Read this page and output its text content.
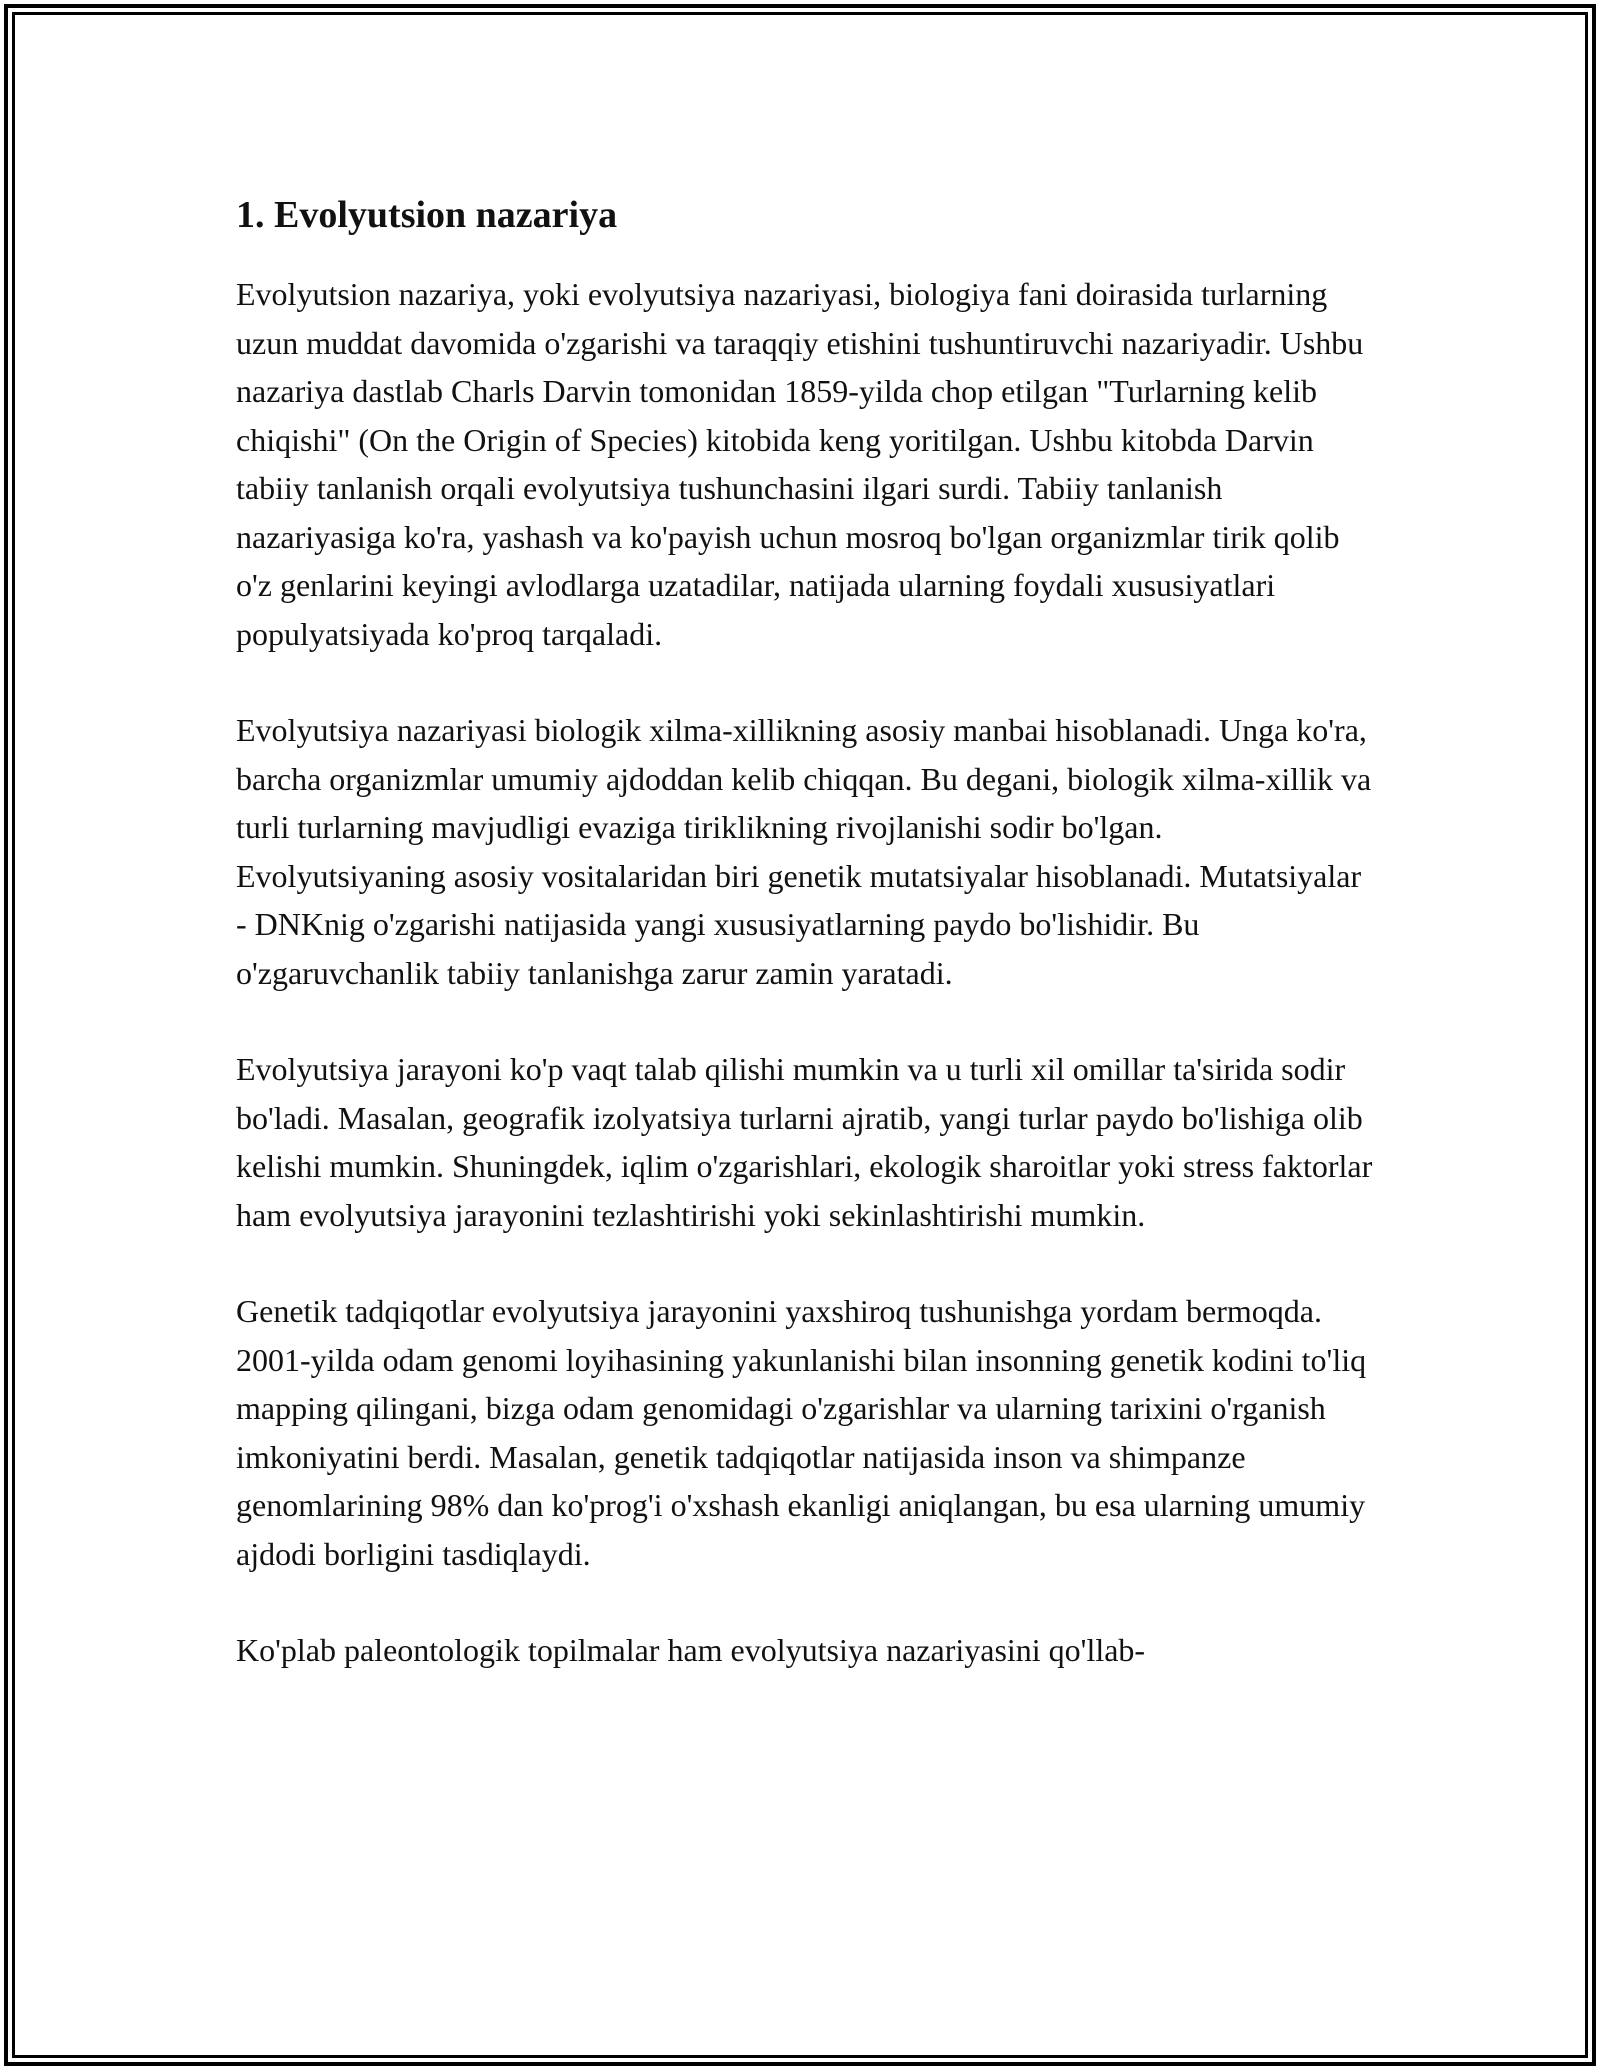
1. Evolyutsion nazariya

Evolyutsion nazariya, yoki evolyutsiya nazariyasi, biologiya fani doirasida turlarning uzun muddat davomida o'zgarishi va taraqqiy etishini tushuntiruvchi nazariyadir. Ushbu nazariya dastlab Charls Darvin tomonidan 1859-yilda chop etilgan "Turlarning kelib chiqishi" (On the Origin of Species) kitobida keng yoritilgan. Ushbu kitobda Darvin tabiiy tanlanish orqali evolyutsiya tushunchasini ilgari surdi. Tabiiy tanlanish nazariyasiga ko'ra, yashash va ko'payish uchun mosroq bo'lgan organizmlar tirik qolib o'z genlarini keyingi avlodlarga uzatadilar, natijada ularning foydali xususiyatlari populyatsiyada ko'proq tarqaladi.

Evolyutsiya nazariyasi biologik xilma-xillikning asosiy manbai hisoblanadi. Unga ko'ra, barcha organizmlar umumiy ajdoddan kelib chiqqan. Bu degani, biologik xilma-xillik va turli turlarning mavjudligi evaziga tiriklikning rivojlanishi sodir bo'lgan. Evolyutsiyaning asosiy vositalaridan biri genetik mutatsiyalar hisoblanadi. Mutatsiyalar - DNKnig o'zgarishi natijasida yangi xususiyatlarning paydo bo'lishidir. Bu o'zgaruvchanlik tabiiy tanlanishga zarur zamin yaratadi.

Evolyutsiya jarayoni ko'p vaqt talab qilishi mumkin va u turli xil omillar ta'sirida sodir bo'ladi. Masalan, geografik izolyatsiya turlarni ajratib, yangi turlar paydo bo'lishiga olib kelishi mumkin. Shuningdek, iqlim o'zgarishlari, ekologik sharoitlar yoki stress faktorlar ham evolyutsiya jarayonini tezlashtirishi yoki sekinlashtirishi mumkin.

Genetik tadqiqotlar evolyutsiya jarayonini yaxshiroq tushunishga yordam bermoqda. 2001-yilda odam genomi loyihasining yakunlanishi bilan insonning genetik kodini to'liq mapping qilingani, bizga odam genomidagi o'zgarishlar va ularning tarixini o'rganish imkoniyatini berdi. Masalan, genetik tadqiqotlar natijasida inson va shimpanze genomlarining 98% dan ko'prog'i o'xshash ekanligi aniqlangan, bu esa ularning umumiy ajdodi borligini tasdiqlaydi.

Ko'plab paleontologik topilmalar ham evolyutsiya nazariyasini qo'llab-
